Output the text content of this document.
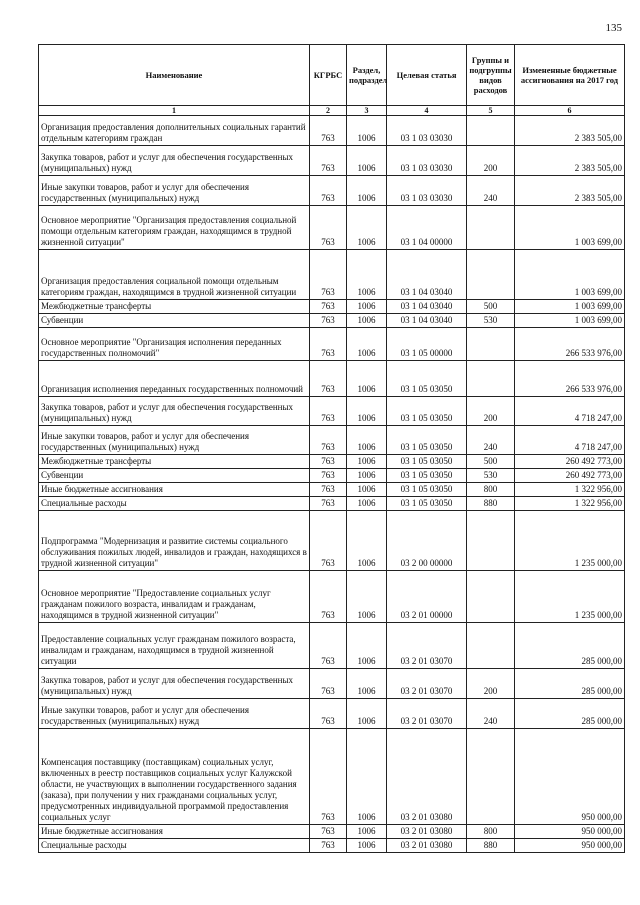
135
Наименование	КГРБС	Раздел, подраздел	Целевая статья	Группы и подгруппы видов расходов	Измененные бюджетные ассигнования на 2017 год
1	2	3	4	5	6
Организация предоставления дополнительных социальных гарантий отдельным категориям граждан	763	1006	03 1 03 03030		2 383 505,00
Закупка товаров, работ и услуг для обеспечения государственных (муниципальных) нужд	763	1006	03 1 03 03030	200	2 383 505,00
Иные закупки товаров, работ и услуг для обеспечения государственных (муниципальных) нужд	763	1006	03 1 03 03030	240	2 383 505,00
Основное мероприятие "Организация предоставления социальной помощи отдельным категориям граждан, находящимся в трудной жизненной ситуации"	763	1006	03 1 04 00000		1 003 699,00
Организация предоставления социальной помощи отдельным категориям граждан, находящимся в трудной жизненной ситуации	763	1006	03 1 04 03040		1 003 699,00
Межбюджетные трансферты	763	1006	03 1 04 03040	500	1 003 699,00
Субвенции	763	1006	03 1 04 03040	530	1 003 699,00
Основное мероприятие "Организация исполнения переданных государственных полномочий"	763	1006	03 1 05 00000		266 533 976,00
Организация исполнения переданных государственных полномочий	763	1006	03 1 05 03050		266 533 976,00
Закупка товаров, работ и услуг для обеспечения государственных (муниципальных) нужд	763	1006	03 1 05 03050	200	4 718 247,00
Иные закупки товаров, работ и услуг для обеспечения государственных (муниципальных) нужд	763	1006	03 1 05 03050	240	4 718 247,00
Межбюджетные трансферты	763	1006	03 1 05 03050	500	260 492 773,00
Субвенции	763	1006	03 1 05 03050	530	260 492 773,00
Иные бюджетные ассигнования	763	1006	03 1 05 03050	800	1 322 956,00
Специальные расходы	763	1006	03 1 05 03050	880	1 322 956,00
Подпрограмма "Модернизация и развитие системы социального обслуживания пожилых людей, инвалидов и граждан, находящихся в трудной жизненной ситуации"	763	1006	03 2 00 00000		1 235 000,00
Основное мероприятие "Предоставление социальных услуг гражданам пожилого возраста, инвалидам и гражданам, находящимся в трудной жизненной ситуации"	763	1006	03 2 01 00000		1 235 000,00
Предоставление социальных услуг гражданам пожилого возраста, инвалидам и гражданам, находящимся в трудной жизненной ситуации	763	1006	03 2 01 03070		285 000,00
Закупка товаров, работ и услуг для обеспечения государственных (муниципальных) нужд	763	1006	03 2 01 03070	200	285 000,00
Иные закупки товаров, работ и услуг для обеспечения государственных (муниципальных) нужд	763	1006	03 2 01 03070	240	285 000,00
Компенсация поставщику (поставщикам) социальных услуг, включенных в реестр поставщиков социальных услуг Калужской области, не участвующих в выполнении государственного задания (заказа), при получении у них гражданами социальных услуг, предусмотренных индивидуальной программой предоставления социальных услуг	763	1006	03 2 01 03080		950 000,00
Иные бюджетные ассигнования	763	1006	03 2 01 03080	800	950 000,00
Специальные расходы	763	1006	03 2 01 03080	880	950 000,00
